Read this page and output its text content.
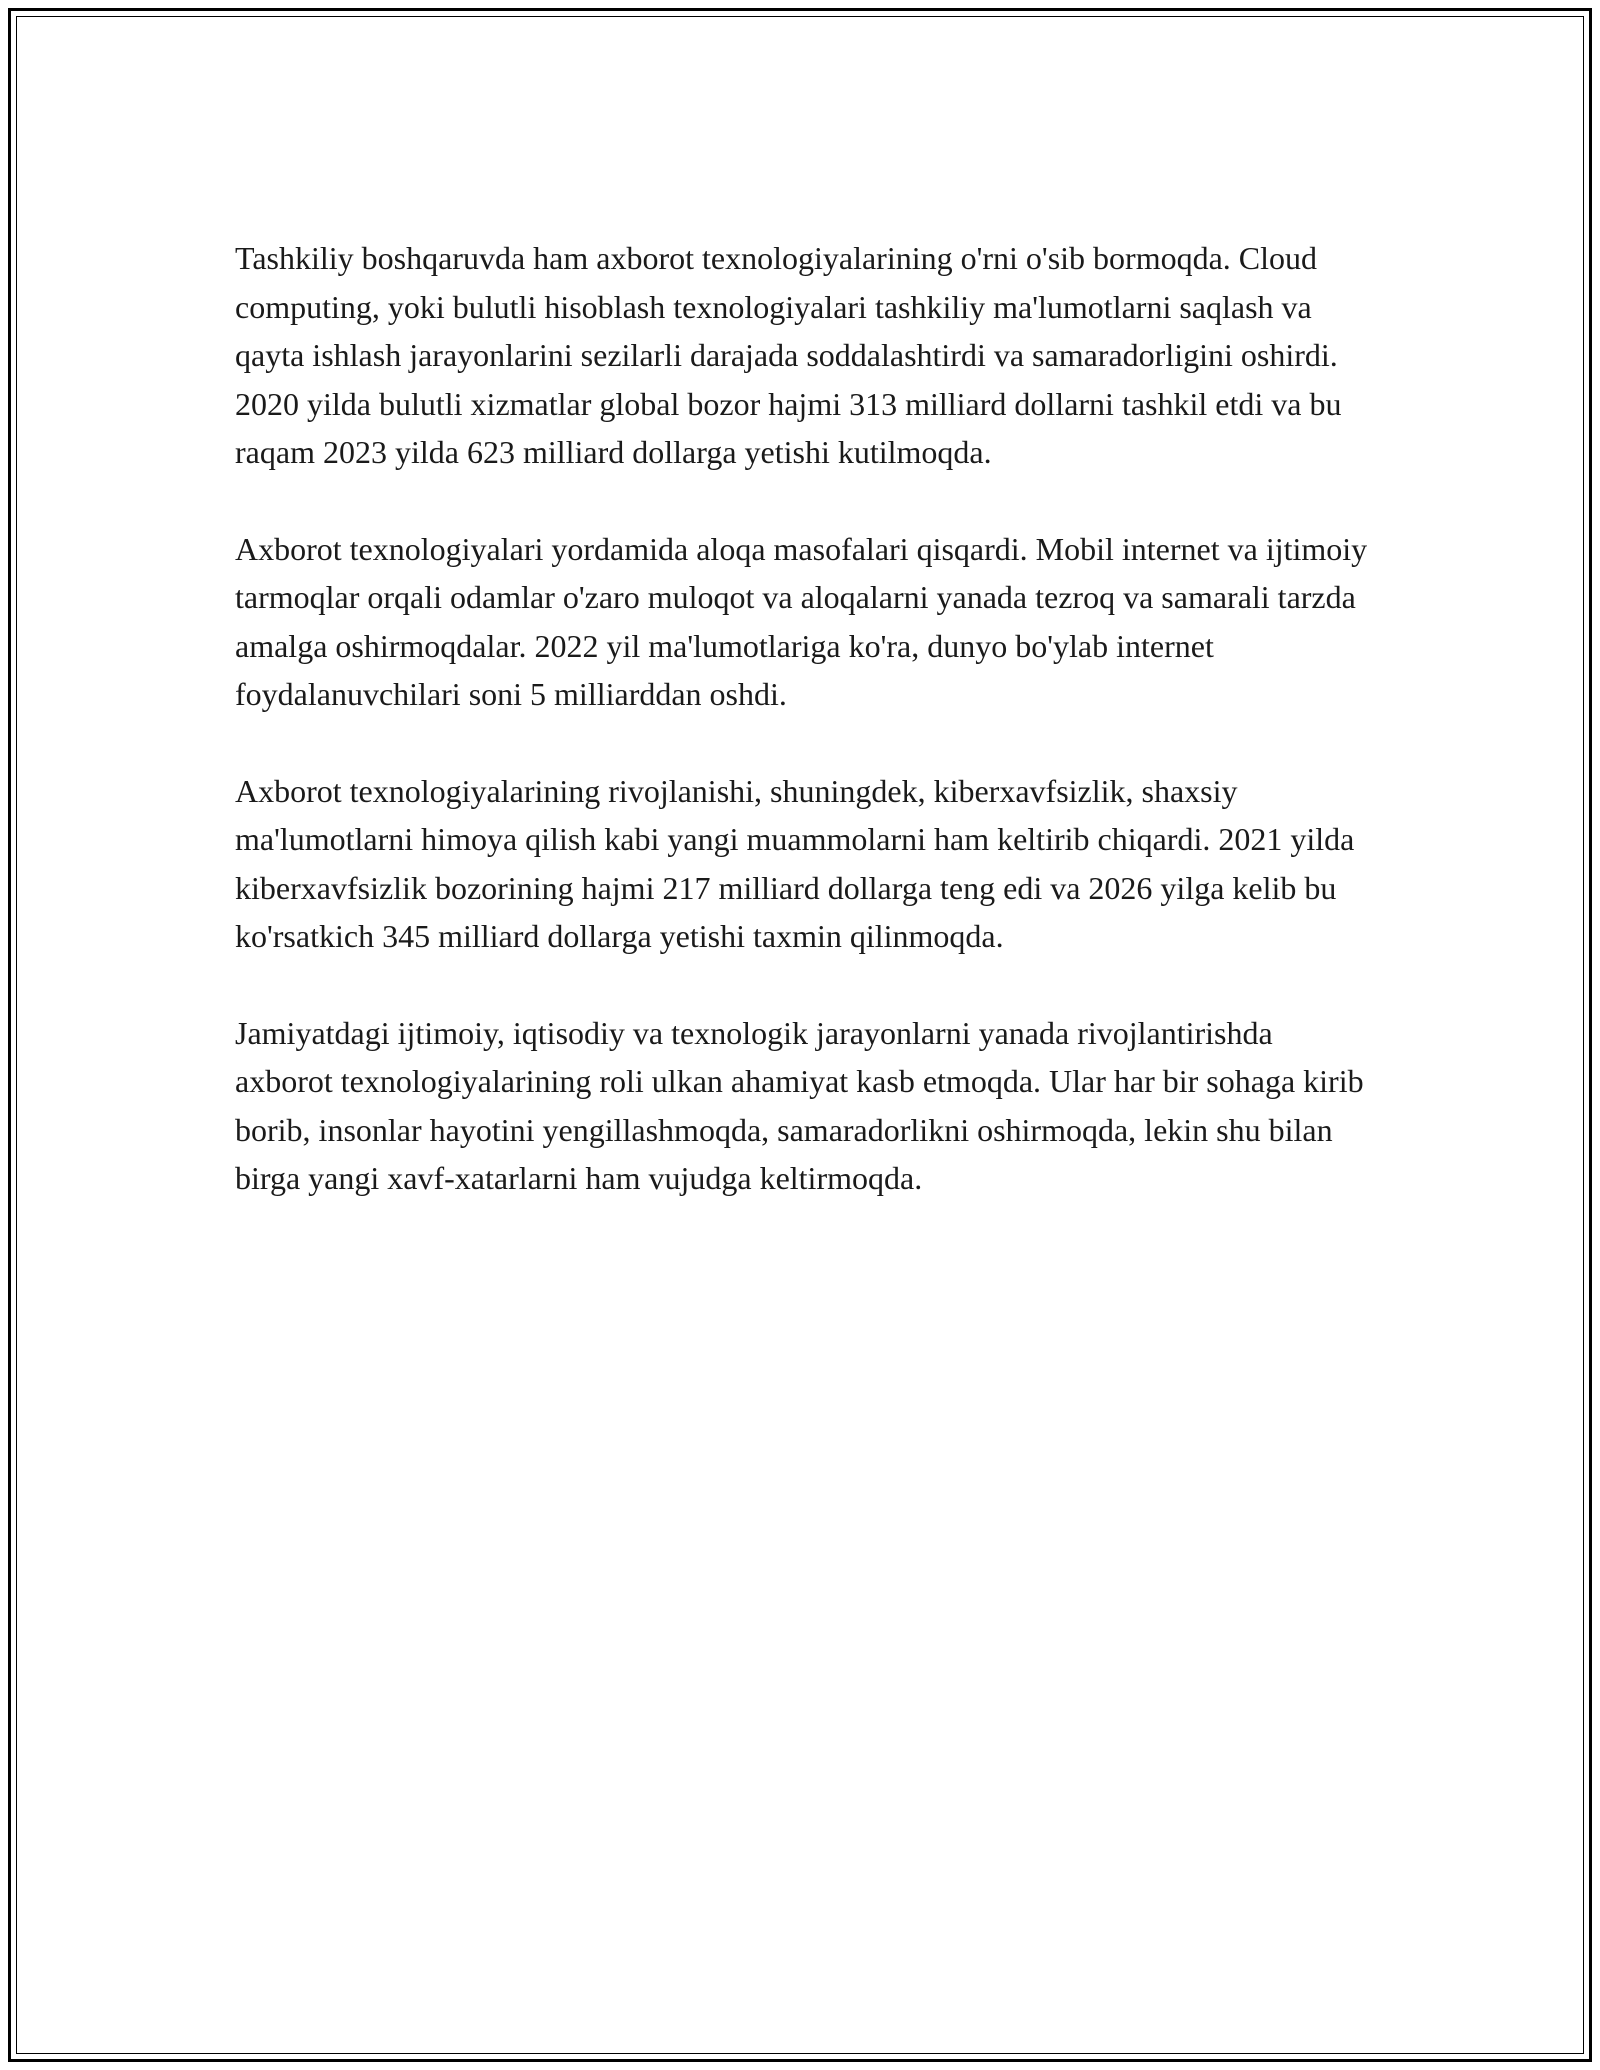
Tashkiliy boshqaruvda ham axborot texnologiyalarining o'rni o'sib bormoqda. Cloud computing, yoki bulutli hisoblash texnologiyalari tashkiliy ma'lumotlarni saqlash va qayta ishlash jarayonlarini sezilarli darajada soddalashtirdi va samaradorligini oshirdi. 2020 yilda bulutli xizmatlar global bozor hajmi 313 milliard dollarni tashkil etdi va bu raqam 2023 yilda 623 milliard dollarga yetishi kutilmoqda.

Axborot texnologiyalari yordamida aloqa masofalari qisqardi. Mobil internet va ijtimoiy tarmoqlar orqali odamlar o'zaro muloqot va aloqalarni yanada tezroq va samarali tarzda amalga oshirmoqdalar. 2022 yil ma'lumotlariga ko'ra, dunyo bo'ylab internet foydalanuvchilari soni 5 milliarddan oshdi.

Axborot texnologiyalarining rivojlanishi, shuningdek, kiberxavfsizlik, shaxsiy ma'lumotlarni himoya qilish kabi yangi muammolarni ham keltirib chiqardi. 2021 yilda kiberxavfsizlik bozorining hajmi 217 milliard dollarga teng edi va 2026 yilga kelib bu ko'rsatkich 345 milliard dollarga yetishi taxmin qilinmoqda.

Jamiyatdagi ijtimoiy, iqtisodiy va texnologik jarayonlarni yanada rivojlantirishda axborot texnologiyalarining roli ulkan ahamiyat kasb etmoqda. Ular har bir sohaga kirib borib, insonlar hayotini yengillashmoqda, samaradorlikni oshirmoqda, lekin shu bilan birga yangi xavf-xatarlarni ham vujudga keltirmoqda.
